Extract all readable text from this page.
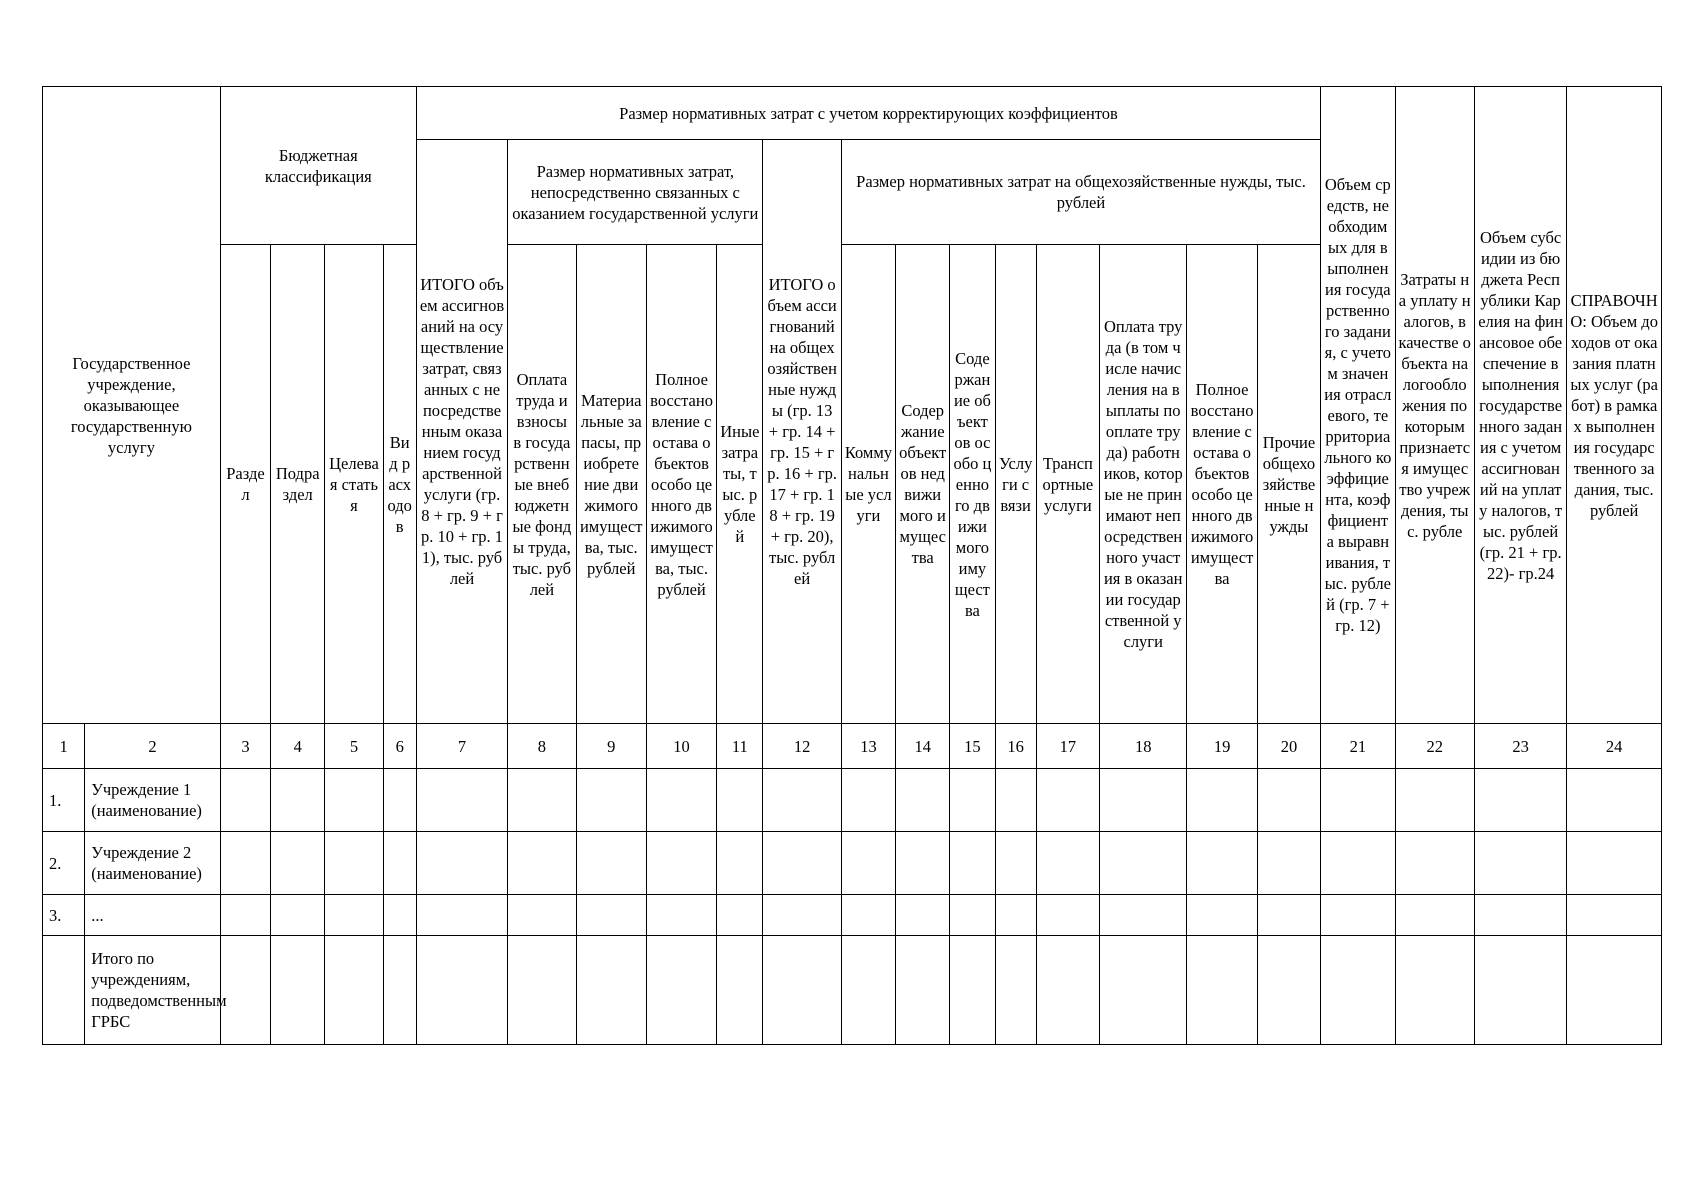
Государственное учреждение, оказывающее государственную услугу		Бюджетная классификация				Размер нормативных затрат с учетом корректирующих коэффициентов														Объем средств, необходимых для выполнения государственного задания, с учетом значения отраслевого, территориального коэффициента, коэффициента выравнивания, тыс. рублей (гр. 7 + гр. 12)	Затраты на уплату налогов, в качестве объекта налогообложения по которым признается имущество учреждения, тыс. рубле	Объем субсидии из бюджета Республики Карелия на финансовое обеспечение выполнения государственного задания с учетом ассигнований на уплату налогов, тыс. рублей (гр. 21 + гр. 22)- гр.24	СПРАВОЧНО: Объем доходов от оказания платных услуг (работ) в рамках выполнения государственного задания, тыс. рублей
						ИТОГО объем ассигнований на осуществление затрат, связанных с непосредственным оказанием государственной услуги (гр. 8 + гр. 9 + гр. 10 + гр. 11), тыс. рублей	Размер нормативных затрат, непосредственно связанных с оказанием государственной услуги				ИТОГО объем ассигнований на общехозяйственные нужды (гр. 13 + гр. 14 + гр. 15 + гр. 16 + гр. 17 + гр. 18 + гр. 19 + гр. 20), тыс. рублей	Размер нормативных затрат на общехозяйственные нужды, тыс. рублей											
		Раздел	Подраздел	Целевая статья	Вид расходов		Оплата труда и взносы в государственные внебюджетные фонды труда, тыс. рублей	Материальные запасы, приобретение движимого имущества, тыс. рублей	Полное восстановление состава объектов особо ценного движимого имущества, тыс. рублей	Иные затраты, тыс. рублей		Коммунальные услуги	Содержание объектов недвижимого имущества	Содержание объектов особо ценного движимого имущества	Услуги связи	Транспортные услуги	Оплата труда (в том числе начисления на выплаты по оплате труда) работников, которые не принимают непосредственного участия в оказании государственной услуги	Полное восстановление состава объектов особо ценного движимого имущества	Прочие общехозяйственные нужды				
1	2	3	4	5	6	7	8	9	10	11	12	13	14	15	16	17	18	19	20	21	22	23	24
1.	Учреждение 1 (наименование)																						
2.	Учреждение 2 (наименование)																						
3.	...																						
	Итого по учреждениям, подведомственным ГРБС																						
